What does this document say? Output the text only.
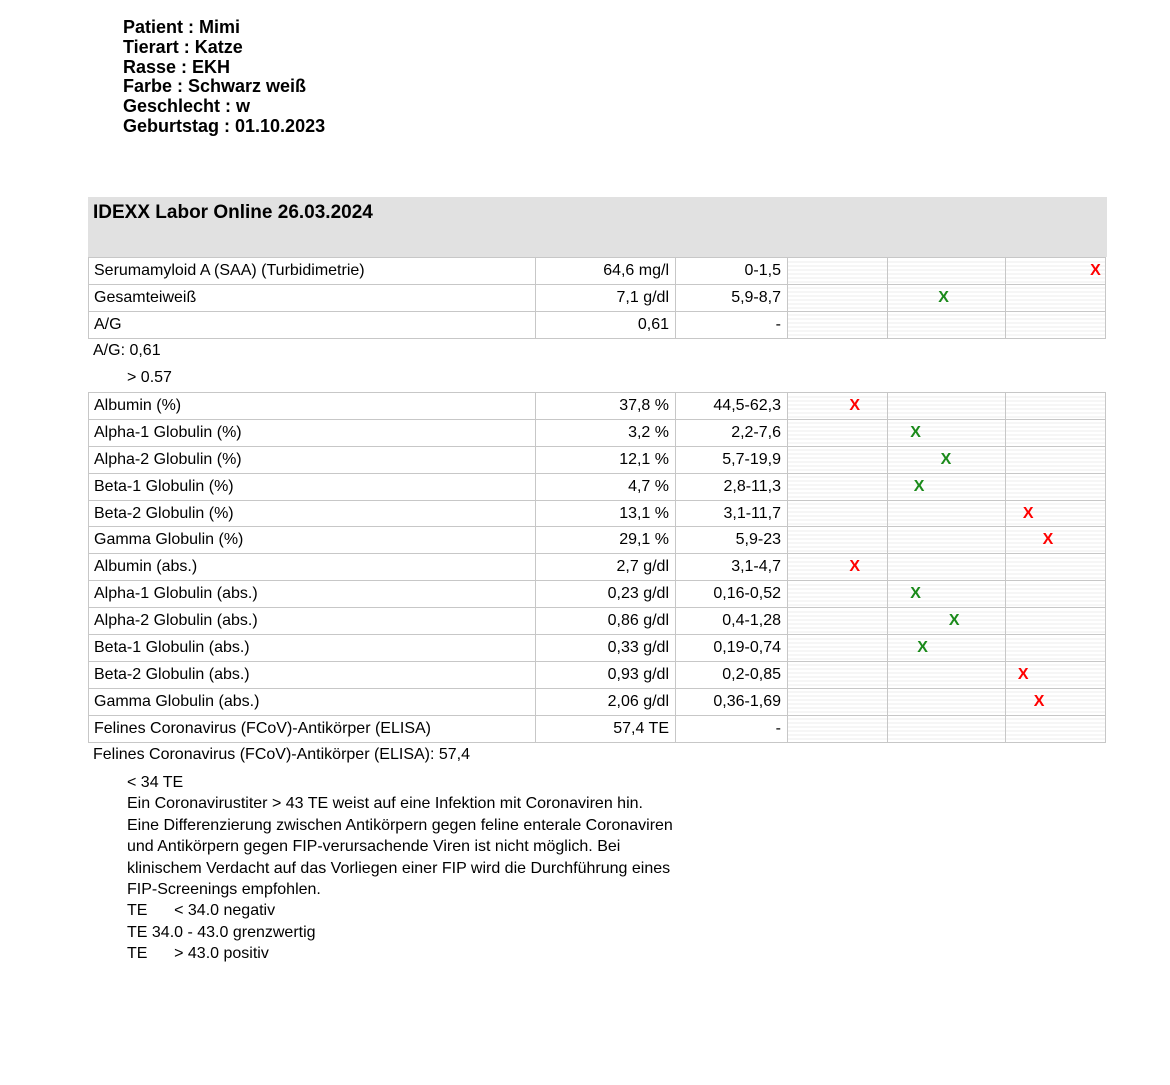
Patient : Mimi
Tierart : Katze
Rasse : EKH
Farbe : Schwarz weiß
Geschlecht : w
Geburtstag : 01.10.2023
IDEXX Labor Online 26.03.2024
Serumamyloid A (SAA) (Turbidimetrie)	64,6 mg/l	0-1,5			X

Gesamteiweiß	7,1 g/dl	5,9-8,7		X	

A/G	0,61	-			
A/G: 0,61
> 0.57
Albumin (%)	37,8 %	44,5-62,3	X		

Alpha-1 Globulin (%)	3,2 %	2,2-7,6		X	

Alpha-2 Globulin (%)	12,1 %	5,7-19,9		X	

Beta-1 Globulin (%)	4,7 %	2,8-11,3		X	

Beta-2 Globulin (%)	13,1 %	3,1-11,7			X

Gamma Globulin (%)	29,1 %	5,9-23			X

Albumin (abs.)	2,7 g/dl	3,1-4,7	X		

Alpha-1 Globulin (abs.)	0,23 g/dl	0,16-0,52		X	

Alpha-2 Globulin (abs.)	0,86 g/dl	0,4-1,28		X	

Beta-1 Globulin (abs.)	0,33 g/dl	0,19-0,74		X	

Beta-2 Globulin (abs.)	0,93 g/dl	0,2-0,85			X

Gamma Globulin (abs.)	2,06 g/dl	0,36-1,69			X

Felines Coronavirus (FCoV)-Antikörper (ELISA)	57,4 TE	-			
Felines Coronavirus (FCoV)-Antikörper (ELISA): 57,4
< 34 TE
Ein Coronavirustiter > 43 TE weist auf eine Infektion mit Coronaviren hin.
Eine Differenzierung zwischen Antikörpern gegen feline enterale Coronaviren
und Antikörpern gegen FIP-verursachende Viren ist nicht möglich. Bei
klinischem Verdacht auf das Vorliegen einer FIP wird die Durchführung eines
FIP-Screenings empfohlen.
TE      < 34.0 negativ
TE 34.0 - 43.0 grenzwertig
TE      > 43.0 positiv
